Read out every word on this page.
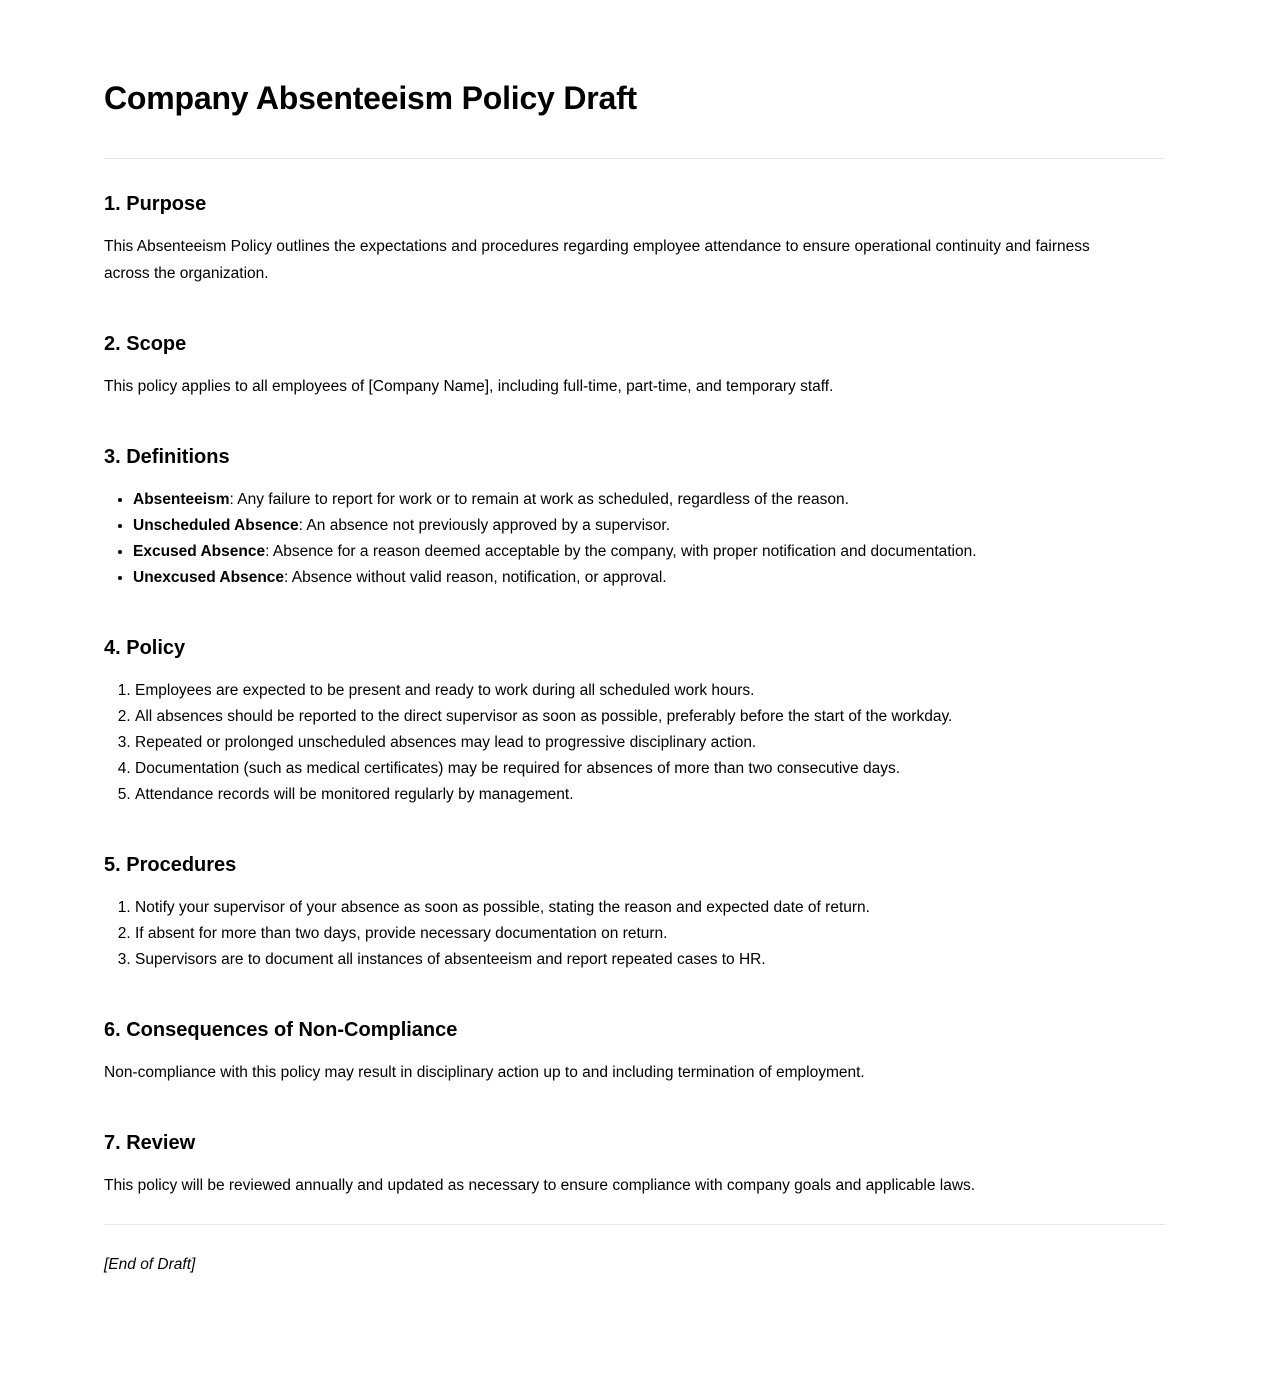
Company Absenteeism Policy Draft
1. Purpose

This Absenteeism Policy outlines the expectations and procedures regarding employee attendance to ensure operational continuity and fairness across the organization.

2. Scope

This policy applies to all employees of [Company Name], including full-time, part-time, and temporary staff.

3. Definitions
• Absenteeism: Any failure to report for work or to remain at work as scheduled, regardless of the reason.
• Unscheduled Absence: An absence not previously approved by a supervisor.
• Excused Absence: Absence for a reason deemed acceptable by the company, with proper notification and documentation.
• Unexcused Absence: Absence without valid reason, notification, or approval.
4. Policy
1. Employees are expected to be present and ready to work during all scheduled work hours.
2. All absences should be reported to the direct supervisor as soon as possible, preferably before the start of the workday.
3. Repeated or prolonged unscheduled absences may lead to progressive disciplinary action.
4. Documentation (such as medical certificates) may be required for absences of more than two consecutive days.
5. Attendance records will be monitored regularly by management.
5. Procedures
1. Notify your supervisor of your absence as soon as possible, stating the reason and expected date of return.
2. If absent for more than two days, provide necessary documentation on return.
3. Supervisors are to document all instances of absenteeism and report repeated cases to HR.
6. Consequences of Non-Compliance

Non-compliance with this policy may result in disciplinary action up to and including termination of employment.

7. Review

This policy will be reviewed annually and updated as necessary to ensure compliance with company goals and applicable laws.

[End of Draft]
